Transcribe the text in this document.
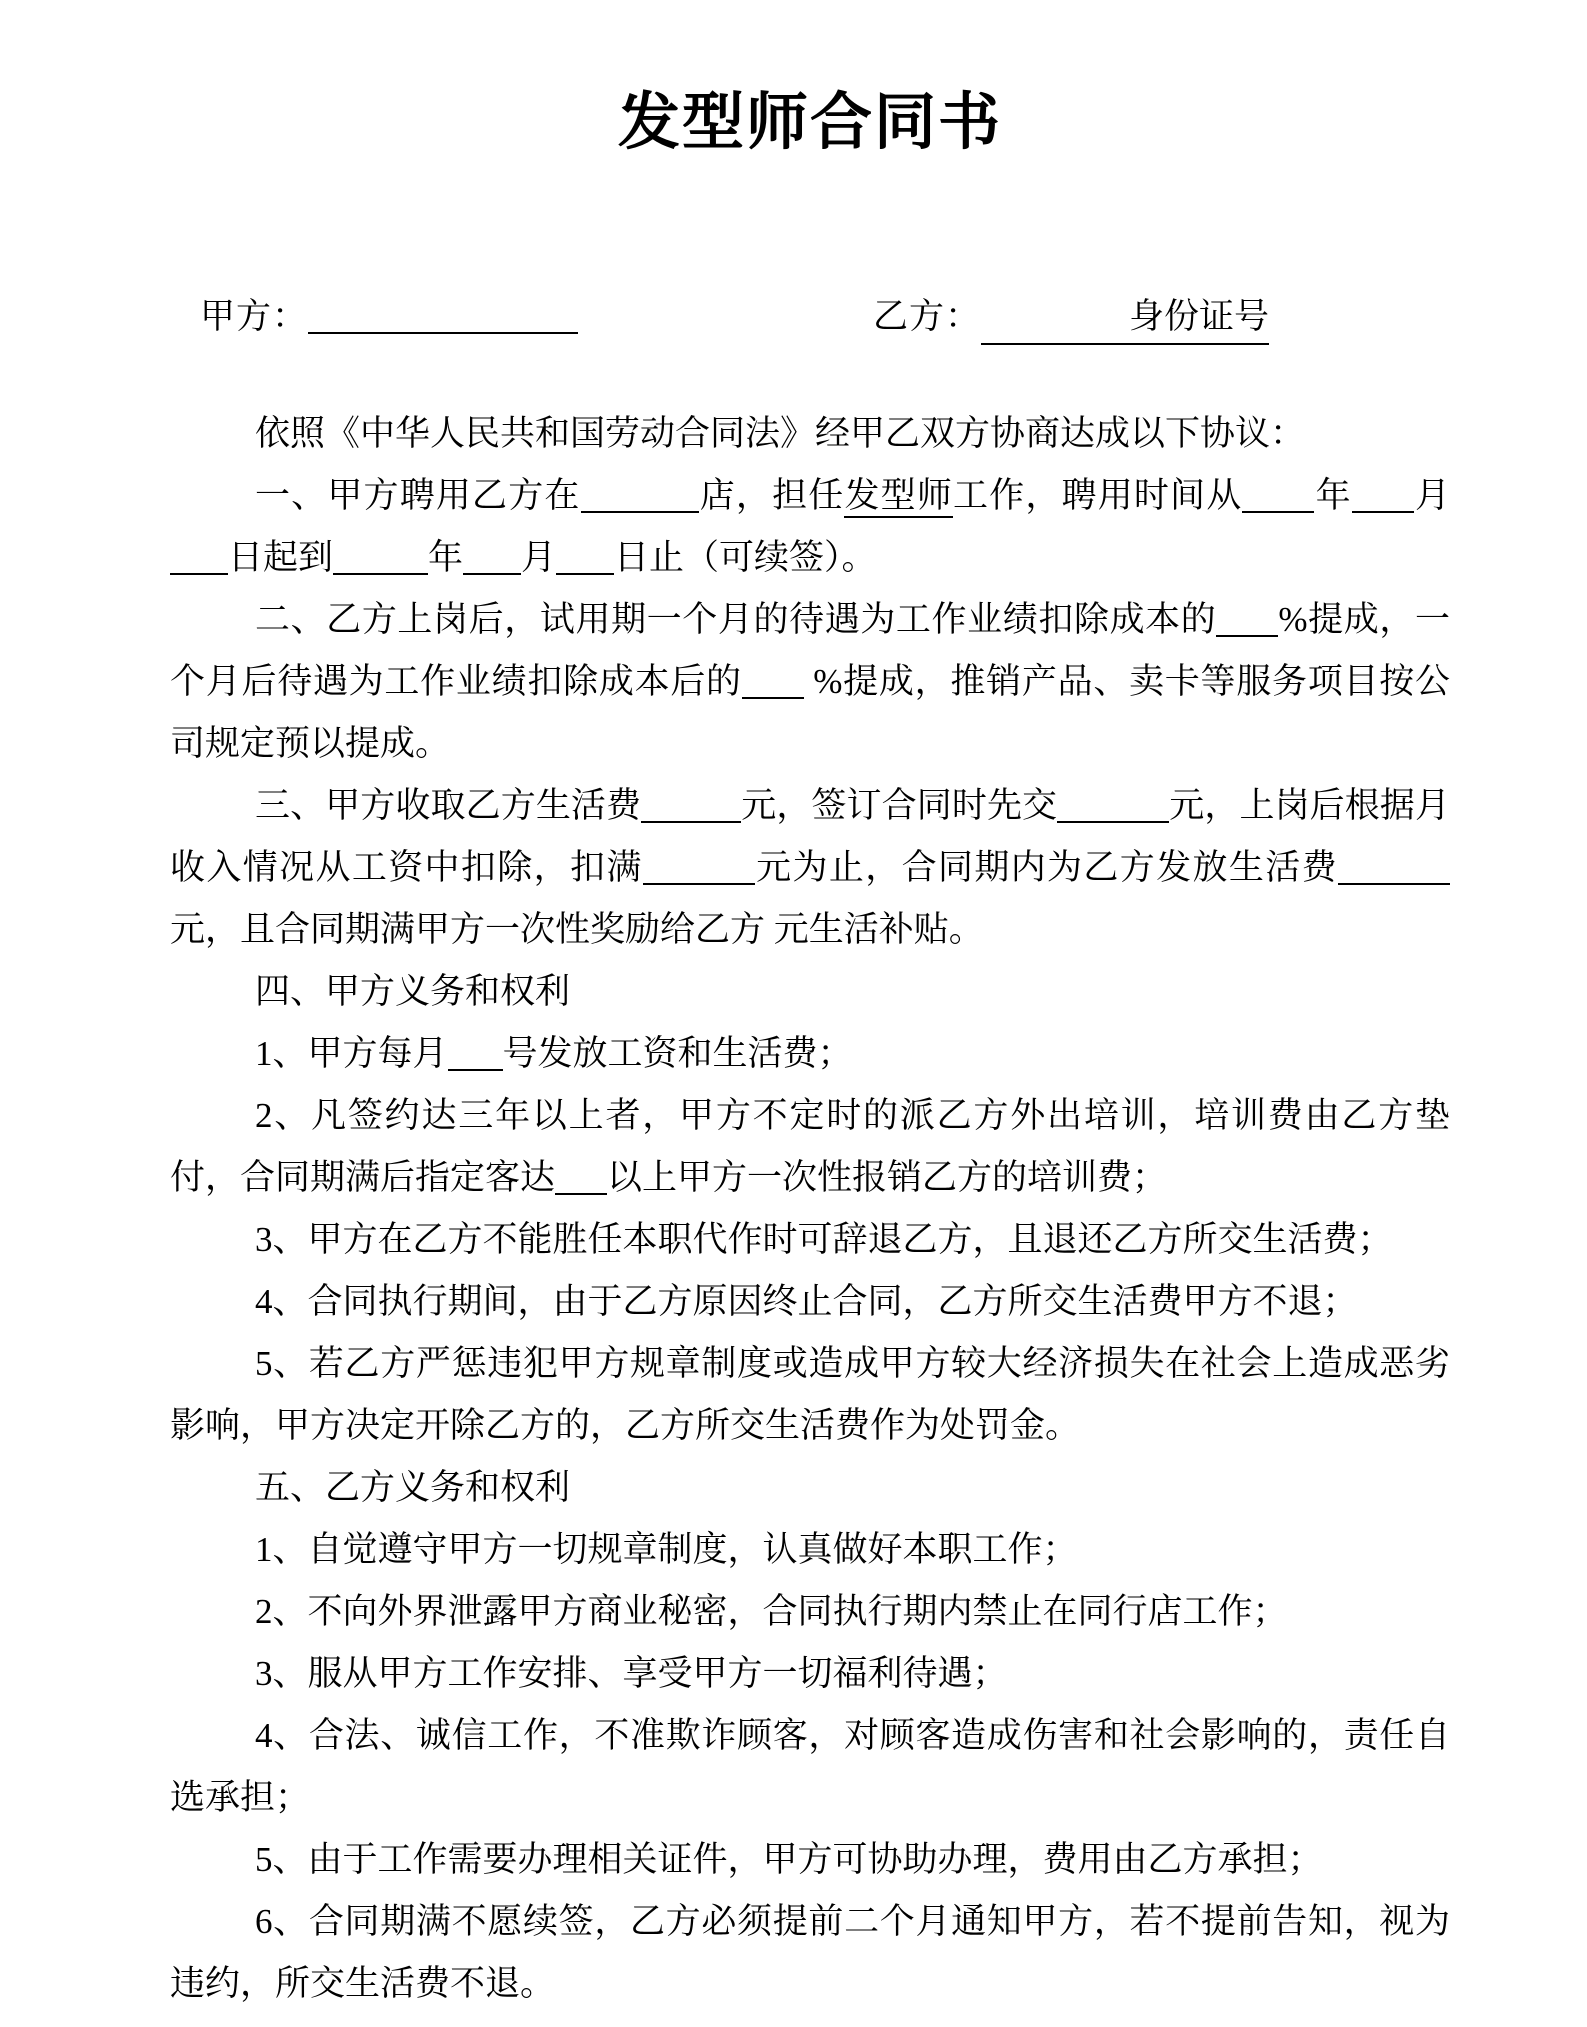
发型师合同书
甲方：	乙方：	身份证号

依照《中华人民共和国劳动合同法》经甲乙双方协商达成以下协议：

一、甲方聘用乙方在	店，担任发型师工作，聘用时间从 年 月日起到	年 月 日止（可续签）。

二、乙方上岗后，试用期一个月的待遇为工作业绩扣除成本的 %提成，一个月后待遇为工作业绩扣除成本后的 %提成，推销产品、卖卡等服务项目按公司规定预以提成。

三、甲方收取乙方生活费	元，签订合同时先交	元，上岗后根据月收入情况从工资中扣除，扣满	元为止，合同期内为乙方发放生活费元，且合同期满甲方一次性奖励给乙方 元生活补贴。

四、甲方义务和权利

1、甲方每月 号发放工资和生活费；

2、凡签约达三年以上者，甲方不定时的派乙方外出培训，培训费由乙方垫付，合同期满后指定客达 以上甲方一次性报销乙方的培训费；

3、甲方在乙方不能胜任本职代作时可辞退乙方，且退还乙方所交生活费；

4、合同执行期间，由于乙方原因终止合同，乙方所交生活费甲方不退；

5、若乙方严惩违犯甲方规章制度或造成甲方较大经济损失在社会上造成恶劣影响，甲方决定开除乙方的，乙方所交生活费作为处罚金。

五、乙方义务和权利

1、自觉遵守甲方一切规章制度，认真做好本职工作；

2、不向外界泄露甲方商业秘密，合同执行期内禁止在同行店工作；

3、服从甲方工作安排、享受甲方一切福利待遇；

4、合法、诚信工作，不准欺诈顾客，对顾客造成伤害和社会影响的，责任自选承担；

5、由于工作需要办理相关证件，甲方可协助办理，费用由乙方承担；

6、合同期满不愿续签，乙方必须提前二个月通知甲方，若不提前告知，视为违约，所交生活费不退。
